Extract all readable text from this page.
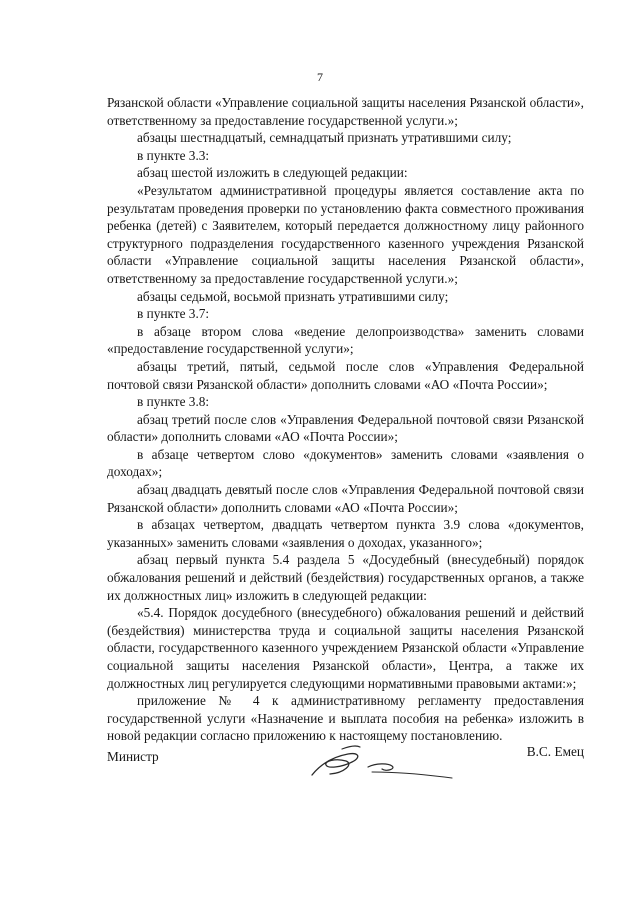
7

Рязанской области «Управление социальной защиты населения Рязанской области», ответственному за предоставление государственной услуги.»;

абзацы шестнадцатый, семнадцатый признать утратившими силу;

в пункте 3.3:

абзац шестой изложить в следующей редакции:

«Результатом административной процедуры является составление акта по результатам проведения проверки по установлению факта совместного проживания ребенка (детей) с Заявителем, который передается должностному лицу районного структурного подразделения государственного казенного учреждения Рязанской области «Управление социальной защиты населения Рязанской области», ответственному за предоставление государственной услуги.»;

абзацы седьмой, восьмой признать утратившими силу;

в пункте 3.7:

в абзаце втором слова «ведение делопроизводства» заменить словами «предоставление государственной услуги»;

абзацы третий, пятый, седьмой после слов «Управления Федеральной почтовой связи Рязанской области» дополнить словами «АО «Почта России»;

в пункте 3.8:

абзац третий после слов «Управления Федеральной почтовой связи Рязанской области» дополнить словами «АО «Почта России»;

в абзаце четвертом слово «документов» заменить словами «заявления о доходах»;

абзац двадцать девятый после слов «Управления Федеральной почтовой связи Рязанской области» дополнить словами «АО «Почта России»;

в абзацах четвертом, двадцать четвертом пункта 3.9 слова «документов, указанных» заменить словами «заявления о доходах, указанного»;

абзац первый пункта 5.4 раздела 5 «Досудебный (внесудебный) порядок обжалования решений и действий (бездействия) государственных органов, а также их должностных лиц» изложить в следующей редакции:

«5.4. Порядок досудебного (внесудебного) обжалования решений и действий (бездействия) министерства труда и социальной защиты населения Рязанской области, государственного казенного учреждением Рязанской области «Управление социальной защиты населения Рязанской области», Центра, а также их должностных лиц регулируется следующими нормативными правовыми актами:»;

приложение № 4 к административному регламенту предоставления государственной услуги «Назначение и выплата пособия на ребенка» изложить в новой редакции согласно приложению к настоящему постановлению.

Министр	В.С. Емец
